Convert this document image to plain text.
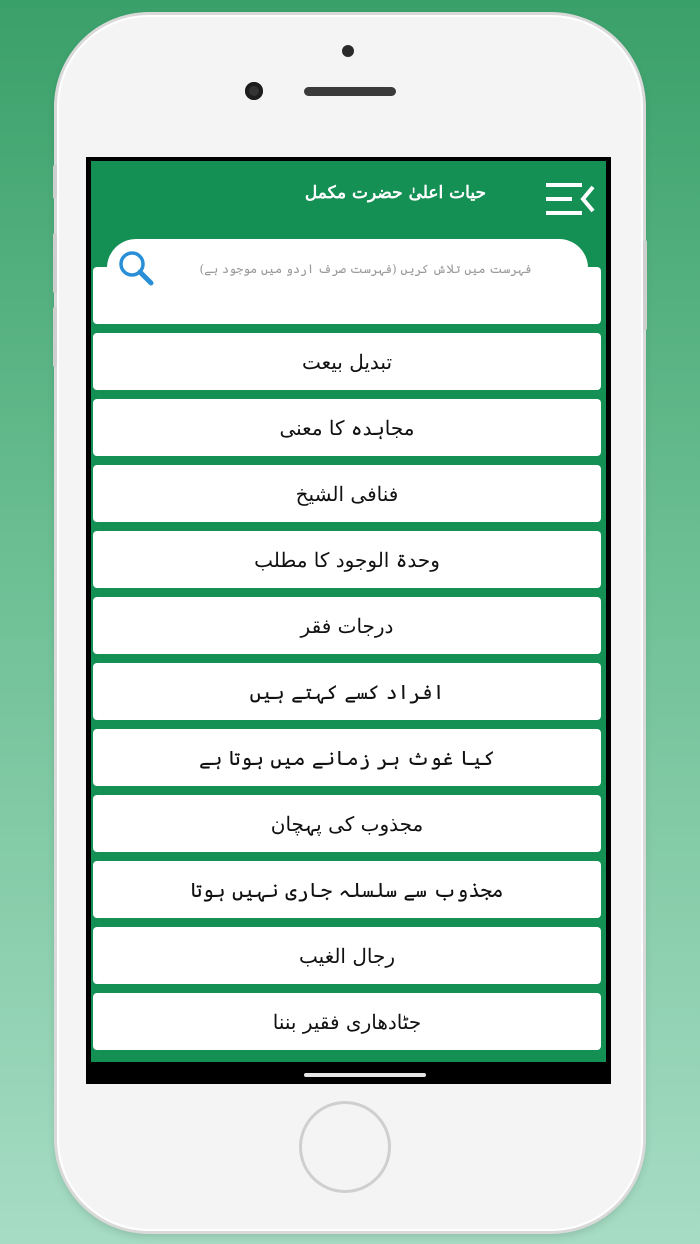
حیات اعلیٰ حضرت مکمل
تبدیل بیعت
مجاہدہ کا معنی
فنافی الشیخ
وحدۃ الوجود کا مطلب
درجات فقر
افراد کسے کہتے ہیں
کیا غوث ہر زمانے میں ہوتا ہے
مجذوب کی پہچان
مجذوب سے سلسلہ جاری نہیں ہوتا
رجال الغیب
جٹادھاری فقیر بننا
فہرست میں تلاش کریں (فہرست صرف اردو میں موجود ہے)
